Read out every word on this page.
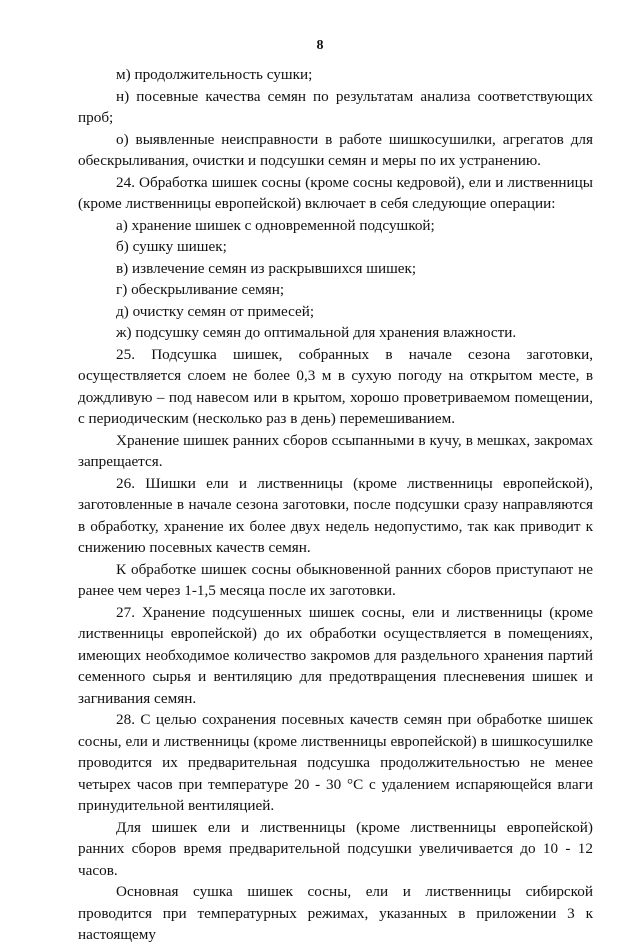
8

м) продолжительность сушки;

н) посевные качества семян по результатам анализа соответствующих проб;

о) выявленные неисправности в работе шишкосушилки, агрегатов для обескрыливания, очистки и подсушки семян и меры по их устранению.

24. Обработка шишек сосны (кроме сосны кедровой), ели и лиственницы (кроме лиственницы европейской) включает в себя следующие операции:

а) хранение шишек с одновременной подсушкой;

б) сушку шишек;

в) извлечение семян из раскрывшихся шишек;

г) обескрыливание семян;

д) очистку семян от примесей;

ж) подсушку семян до оптимальной для хранения влажности.

25. Подсушка шишек, собранных в начале сезона заготовки, осуществляется слоем не более 0,3 м в сухую погоду на открытом месте, в дождливую – под навесом или в крытом, хорошо проветриваемом помещении, с периодическим (несколько раз в день) перемешиванием.

Хранение шишек ранних сборов ссыпанными в кучу, в мешках, закромах запрещается.

26. Шишки ели и лиственницы (кроме лиственницы европейской), заготовленные в начале сезона заготовки, после подсушки сразу направляются в обработку, хранение их более двух недель недопустимо, так как приводит к снижению посевных качеств семян.

К обработке шишек сосны обыкновенной ранних сборов приступают не ранее чем через 1-1,5 месяца после их заготовки.

27. Хранение подсушенных шишек сосны, ели и лиственницы (кроме лиственницы европейской) до их обработки осуществляется в помещениях, имеющих необходимое количество закромов для раздельного хранения партий семенного сырья и вентиляцию для предотвращения плесневения шишек и загнивания семян.

28. С целью сохранения посевных качеств семян при обработке шишек сосны, ели и лиственницы (кроме лиственницы европейской) в шишкосушилке проводится их предварительная подсушка продолжительностью не менее четырех часов при температуре 20 - 30 °С с удалением испаряющейся влаги принудительной вентиляцией.

Для шишек ели и лиственницы (кроме лиственницы европейской) ранних сборов время предварительной подсушки увеличивается до 10 - 12 часов.

Основная сушка шишек сосны, ели и лиственницы сибирской проводится при температурных режимах, указанных в приложении 3 к настоящему
